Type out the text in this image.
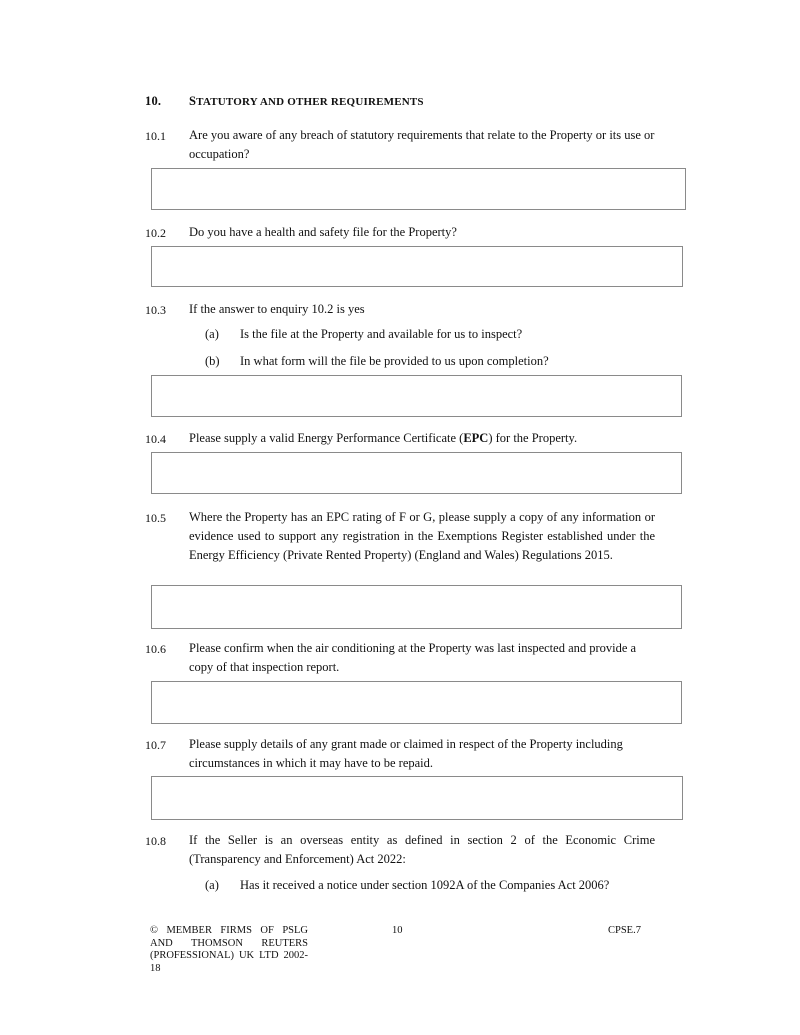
10. STATUTORY AND OTHER REQUIREMENTS
10.1 Are you aware of any breach of statutory requirements that relate to the Property or its use or occupation?
10.2 Do you have a health and safety file for the Property?
10.3 If the answer to enquiry 10.2 is yes
(a) Is the file at the Property and available for us to inspect?
(b) In what form will the file be provided to us upon completion?
10.4 Please supply a valid Energy Performance Certificate (EPC) for the Property.
10.5 Where the Property has an EPC rating of F or G, please supply a copy of any information or evidence used to support any registration in the Exemptions Register established under the Energy Efficiency (Private Rented Property) (England and Wales) Regulations 2015.
10.6 Please confirm when the air conditioning at the Property was last inspected and provide a copy of that inspection report.
10.7 Please supply details of any grant made or claimed in respect of the Property including circumstances in which it may have to be repaid.
10.8 If the Seller is an overseas entity as defined in section 2 of the Economic Crime (Transparency and Enforcement) Act 2022:
(a) Has it received a notice under section 1092A of the Companies Act 2006?
© MEMBER FIRMS OF PSLG AND THOMSON REUTERS (PROFESSIONAL) UK LTD 2002-18
10	CPSE.7
